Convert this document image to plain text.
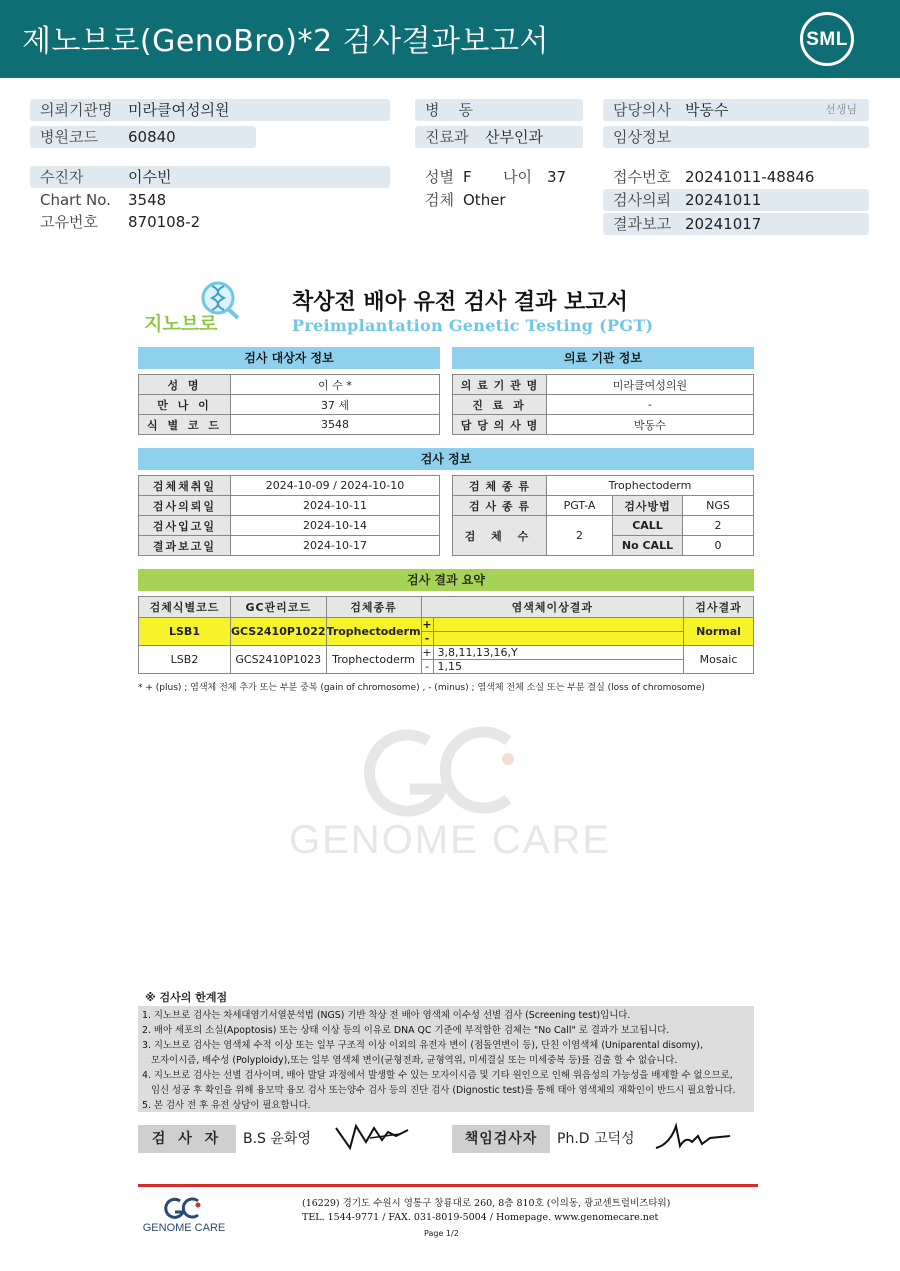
제노브로(GenoBro)*2 검사결과보고서	SML
의뢰기관명 미라클여성의원
병원코드 60840
병    동
진료과 산부인과
담당의사 박동수	선생님
임상정보
수진자	이수빈
Chart No. 3548
고유번호 870108-2
성별 F 나이 37
검체 Other
접수번호 20241011-48846
검사의뢰 20241011
결과보고 20241017
지노브로
착상전 배아 유전 검사 결과 보고서
Preimplantation Genetic Testing (PGT)
검사 대상자 정보
성 명	이 수 *
만 나 이	37 세
식 별 코 드	3548
의료 기관 정보
의 료 기 관 명	미라클여성의원
진 료 과	-
담 당 의 사 명	박동수
검사 정보
검체채취일	2024-10-09 / 2024-10-10
검사의뢰일	2024-10-11
검사입고일	2024-10-14
결과보고일	2024-10-17
검 체 종 류	Trophectoderm		
검 사 종 류	PGT-A	검사방법	NGS
검 체 수	2	CALL	2
		No CALL	0
검사 결과 요약
검체식별코드	GC관리코드	검체종류	염색체이상결과		검사결과
LSB1	GCS2410P1022	Trophectoderm	+		Normal
			-		
LSB2	GCS2410P1023	Trophectoderm	+	3,8,11,13,16,Y	Mosaic
			-	1,15	
* + (plus) ; 염색체 전체 추가 또는 부분 중복 (gain of chromosome) , - (minus) ; 염색체 전체 소실 또는 부분 결실 (loss of chromosome)
GENOME CARE
※ 검사의 한계점
1. 지노브로 검사는 차세대염기서열분석법 (NGS) 기반 착상 전 배아 염색체 이수성 선별 검사 (Screening test)입니다.
2. 배아 세포의 소실(Apoptosis) 또는 상태 이상 등의 이유로 DNA QC 기준에 부적합한 검체는 "No Call" 로 결과가 보고됩니다.
3. 지노브로 검사는 염색체 수적 이상 또는 일부 구조적 이상 이외의 유전자 변이 (점돌연변이 등), 단친 이염색체 (Uniparental disomy),
모자이시즘, 배수성 (Polyploidy),또는 일부 염색체 변이(균형전좌, 균형역위, 미세결실 또는 미세중복 등)를 검출 할 수 없습니다.
4. 지노브로 검사는 선별 검사이며, 배아 발달 과정에서 발생할 수 있는 모자이시즘 및 기타 원인으로 인해 위음성의 가능성을 배제할 수 없으므로,
임신 성공 후 확인을 위해 융모막 융모 검사 또는양수 검사 등의 진단 검사 (Dignostic test)를 통해 태아 염색체의 재확인이 반드시 필요합니다.
5. 본 검사 전 후 유전 상담이 필요합니다.
검 사 자	B.S 윤화영	책임검사자	Ph.D 고덕성
GENOME CARE
(16229) 경기도 수원시 영통구 창룡대로 260, 8층 810호 (이의동, 광교센트럴비즈타워)
TEL. 1544-9771 / FAX. 031-8019-5004 / Homepage. www.genomecare.net
Page 1/2
